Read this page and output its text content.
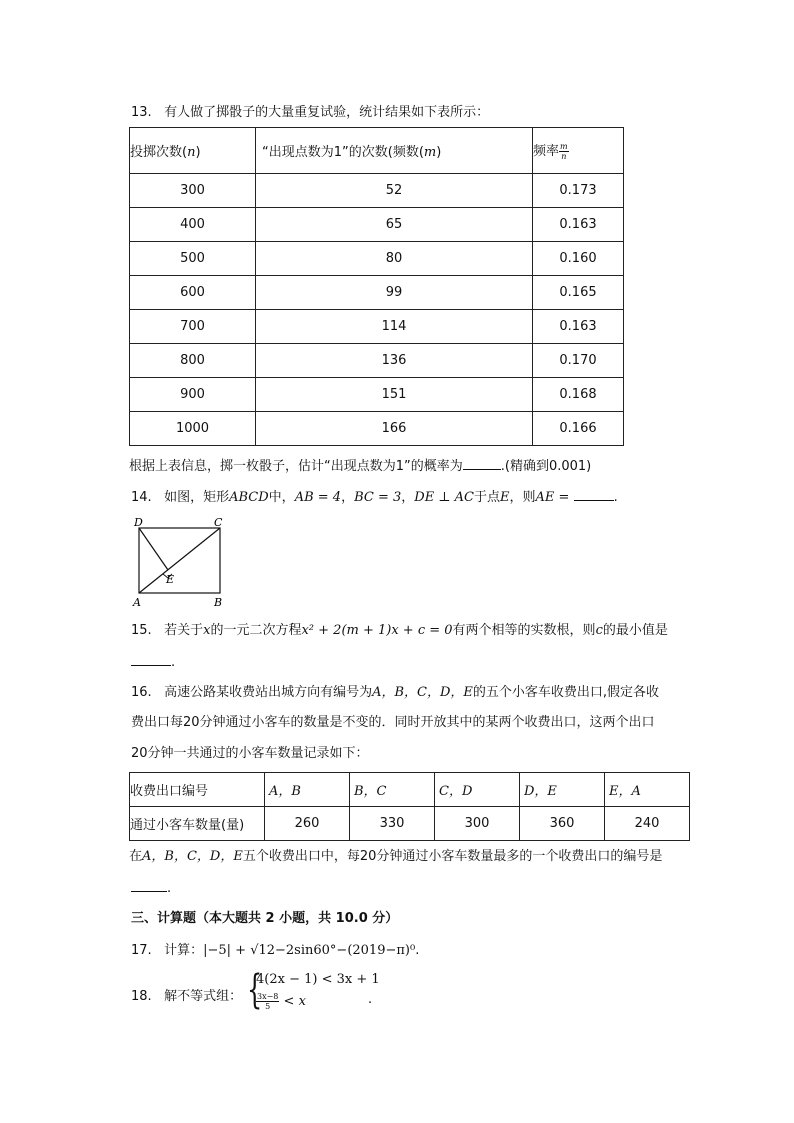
13. 有人做了掷骰子的大量重复试验，统计结果如下表所示：
投掷次数(n)	“出现点数为1”的次数(频数(m)	频率 $\frac{m}{n}$

300	52	0.173
400	65	0.163
500	80	0.160
600	99	0.165
700	114	0.163
800	136	0.170
900	151	0.168
1000	166	0.166
根据上表信息，掷一枚骰子，估计“出现点数为1”的概率为	.(精确到0.001)
14. 如图，矩形ABCD中，AB = 4，BC = 3，DE ⊥ AC于点E，则AE =	.
D	C
E
A	B
15. 若关于x的一元二次方程x² + 2(m + 1)x + c = 0有两个相等的实数根，则c的最小值是
.
16. 高速公路某收费站出城方向有编号为A，B，C，D，E的五个小客车收费出口,假定各收
费出口每20分钟通过小客车的数量是不变的．同时开放其中的某两个收费出口，这两个出口
20分钟一共通过的小客车数量记录如下：
收费出口编号	A，B	B，C	C，D	D，E	E，A
通过小客车数量(量)	260	330	300	360	240
在A，B，C，D，E五个收费出口中，每20分钟通过小客车数量最多的一个收费出口的编号是
.
三、计算题（本大题共 2 小题，共 10.0 分）
17. 计算：|−5| + √12−2sin60°−(2019−π)⁰.
18. 解不等式组： {
4(2x − 1) < 3x + 1
$\frac{3x-8}{5} < x$	.
